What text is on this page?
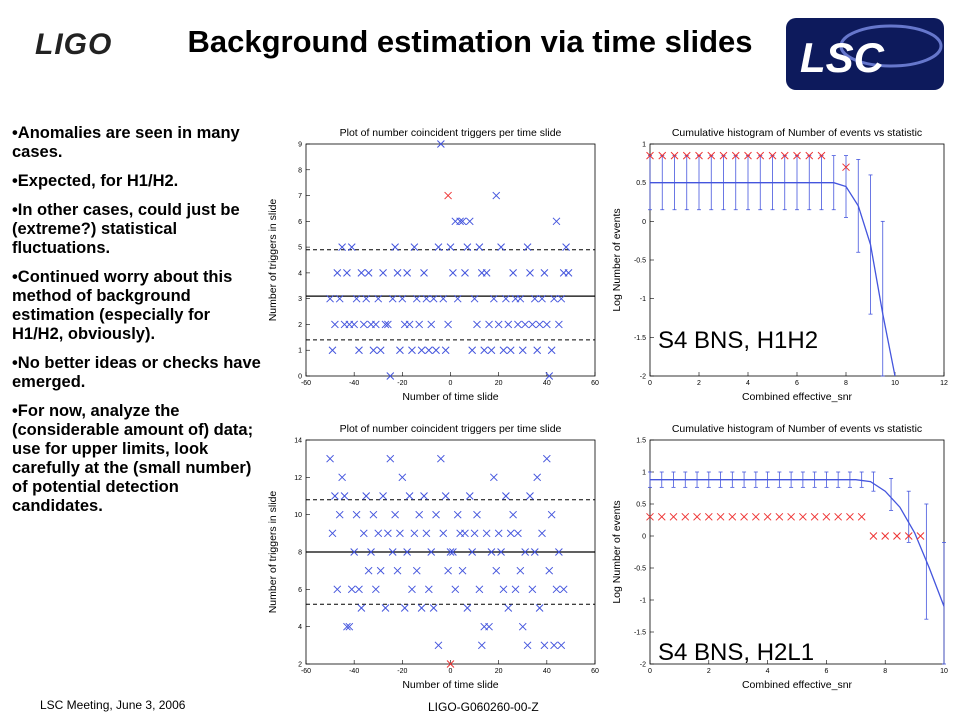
LIGO	LSC
Background estimation via time slides
• Anomalies are seen in many cases.
• Expected, for H1/H2.
• In other cases, could just be (extreme?) statistical fluctuations.
• Continued worry about this method of background estimation (especially for H1/H2, obviously).
• No better ideas or checks have emerged.
• For now, analyze the (considerable amount of) data; use for upper limits, look carefully at the (small number) of potential detection candidates.
Plot of number coincident triggers per time slide
-60	-40	-20	0	20	40	60
0
1
2
3
4
5
6
7
8
9
Number of time slide
Number of triggers in slide
Cumulative histogram of Number of events vs statistic
0	2	4	6	8	10	12
-2
-1.5
-1
-0.5
0
0.5
1
Combined effective_snr
Log Number of events
S4 BNS, H1H2
Plot of number coincident triggers per time slide
-60	-40	-20	0	20	40	60
2
4
6
8
10
12
14
Number of time slide
Number of triggers in slide
Cumulative histogram of Number of events vs statistic
0	2	4	6	8	10
-2
-1.5
-1
-0.5
0
0.5
1
1.5
Combined effective_snr
Log Number of events
S4 BNS, H2L1
LSC Meeting, June 3, 2006	LIGO-G060260-00-Z
